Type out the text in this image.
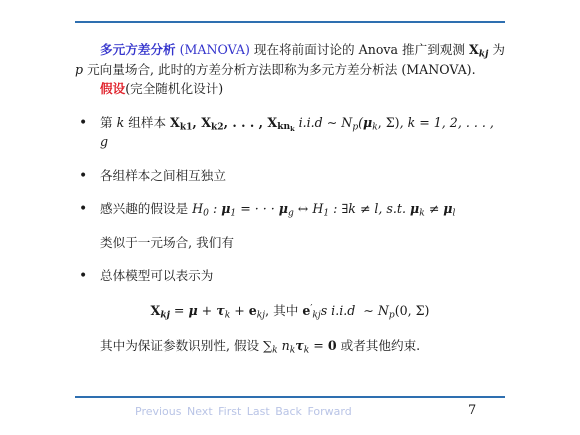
多元方差分析 (MANOVA) 现在将前面讨论的 Anova 推广到观测 $X_{kj}$ 为 p 元向量场合, 此时的方差分析方法即称为多元方差分析法 (MANOVA).

假设(完全随机化设计)

• 第 k 组样本 $X_{k1}$, $X_{k2}$, . . . , $X_{kn_k}$ i.i.d ∼ $N_p(\mu_k$, Σ), k = 1, 2, . . . , g
• 各组样本之间相互独立
• 感兴趣的假设是 $H_0$ : $\mu_1$ = · · · $\mu_g$ ↔ $H_1$ : ∃k ≠ l, s.t. $\mu_k \ne \mu_l$

类似于一元场合, 我们有

• 总体模型可以表示为
$X_{kj} = \mu + \tau_k + e_{kj}$, 其中 $e'_{kj}s$ i.i.d  ∼ $N_p(0$, Σ)

其中为保证参数识别性, 假设 $\sum_k$ $n_k\tau_k = 0$ 或者其他约束.

Previous Next First Last Back Forward	7
